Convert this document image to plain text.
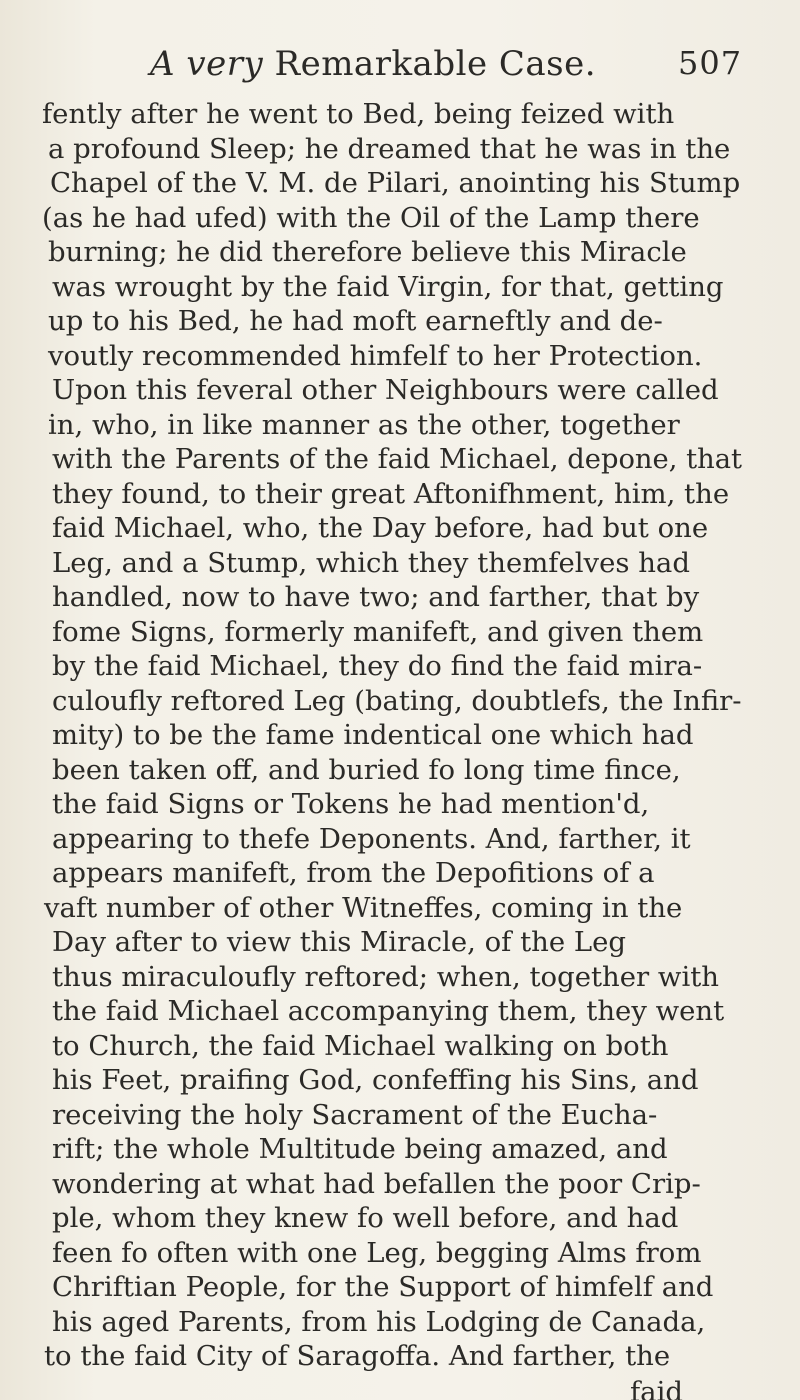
A very Remarkable Case.	507
fently after he went to Bed, being feized with
a profound Sleep; he dreamed that he was in the
Chapel of the V. M. de Pilari, anointing his Stump
(as he had ufed) with the Oil of the Lamp there
burning; he did therefore believe this Miracle
was wrought by the faid Virgin, for that, getting
up to his Bed, he had moft earneftly and de-
voutly recommended himfelf to her Protection.
Upon this feveral other Neighbours were called
in, who, in like manner as the other, together
with the Parents of the faid Michael, depone, that
they found, to their great Aftonifhment, him, the
faid Michael, who, the Day before, had but one
Leg, and a Stump, which they themfelves had
handled, now to have two; and farther, that by
fome Signs, formerly manifeft, and given them
by the faid Michael, they do find the faid mira-
culoufly reftored Leg (bating, doubtlefs, the Infir-
mity) to be the fame indentical one which had
been taken off, and buried fo long time fince,
the faid Signs or Tokens he had mention'd,
appearing to thefe Deponents. And, farther, it
appears manifeft, from the Depofitions of a
vaft number of other Witneffes, coming in the
Day after to view this Miracle, of the Leg
thus miraculoufly reftored; when, together with
the faid Michael accompanying them, they went
to Church, the faid Michael walking on both
his Feet, praifing God, confeffing his Sins, and
receiving the holy Sacrament of the Eucha-
rift; the whole Multitude being amazed, and
wondering at what had befallen the poor Crip-
ple, whom they knew fo well before, and had
feen fo often with one Leg, begging Alms from
Chriftian People, for the Support of himfelf and
his aged Parents, from his Lodging de Canada,
to the faid City of Saragoffa. And farther, the
faid
